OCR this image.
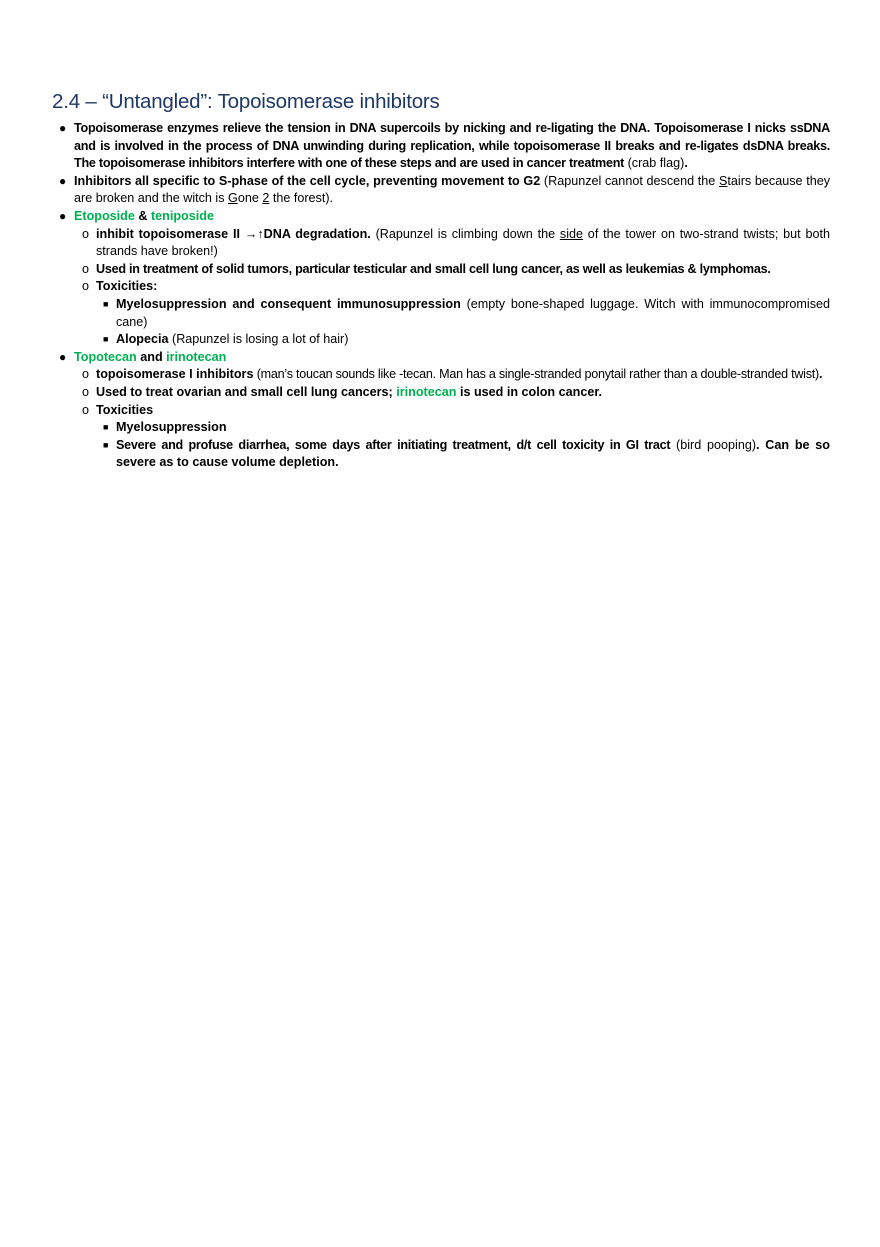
2.4 – “Untangled”: Topoisomerase inhibitors
● Topoisomerase enzymes relieve the tension in DNA supercoils by nicking and re-ligating the DNA. Topoisomerase I nicks ssDNA and is involved in the process of DNA unwinding during replication, while topoisomerase II breaks and re-ligates dsDNA breaks. The topoisomerase inhibitors interfere with one of these steps and are used in cancer treatment (crab flag).
● Inhibitors all specific to S-phase of the cell cycle, preventing movement to G2 (Rapunzel cannot descend the Stairs because they are broken and the witch is Gone 2 the forest).
● Etoposide & teniposide
o inhibit topoisomerase II →↑DNA degradation. (Rapunzel is climbing down the side of the tower on two-strand twists; but both strands have broken!)
o Used in treatment of solid tumors, particular testicular and small cell lung cancer, as well as leukemias & lymphomas.
o Toxicities:
■ Myelosuppression and consequent immunosuppression (empty bone-shaped luggage. Witch with immunocompromised cane)
■ Alopecia (Rapunzel is losing a lot of hair)
● Topotecan and irinotecan
o topoisomerase I inhibitors (man’s toucan sounds like -tecan. Man has a single-stranded ponytail rather than a double-stranded twist).
o Used to treat ovarian and small cell lung cancers; irinotecan is used in colon cancer.
o Toxicities
■ Myelosuppression
■ Severe and profuse diarrhea, some days after initiating treatment, d/t cell toxicity in GI tract (bird pooping). Can be so severe as to cause volume depletion.
